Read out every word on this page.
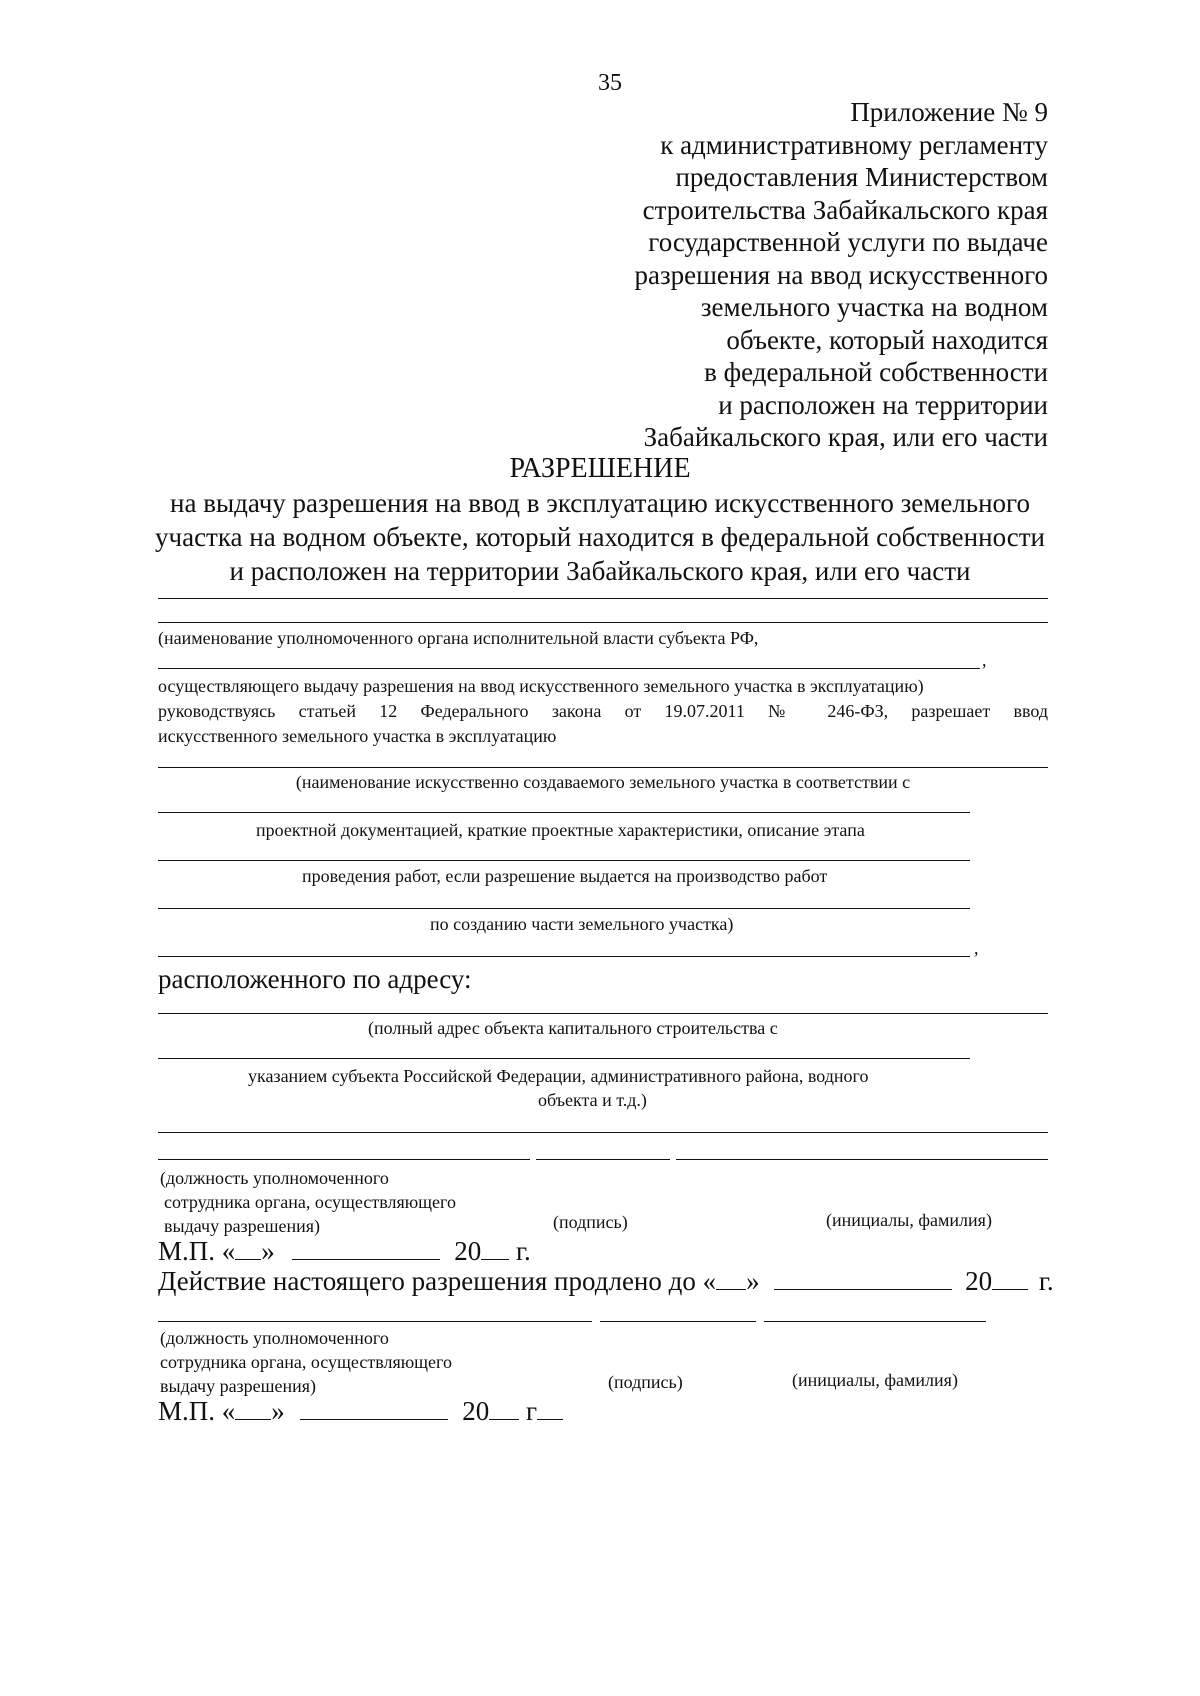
35
Приложение № 9
к административному регламенту
предоставления Министерством
строительства Забайкальского края
государственной услуги по выдаче
разрешения на ввод искусственного
земельного участка на водном
объекте, который находится
в федеральной собственности
и расположен на территории
Забайкальского края, или его части
РАЗРЕШЕНИЕ
на выдачу разрешения на ввод в эксплуатацию искусственного земельного
участка на водном объекте, который находится в федеральной собственности
и расположен на территории Забайкальского края, или его части
(наименование уполномоченного органа исполнительной власти субъекта РФ,
,
осуществляющего выдачу разрешения на ввод искусственного земельного участка в эксплуатацию)
руководствуясь статьей 12 Федерального закона от 19.07.2011 № 246-ФЗ, разрешает ввод
искусственного земельного участка в эксплуатацию
(наименование искусственно создаваемого земельного участка в соответствии с
проектной документацией, краткие проектные характеристики, описание этапа
проведения работ, если разрешение выдается на производство работ
по созданию части земельного участка)
,
расположенного по адресу:
(полный адрес объекта капитального строительства с
указанием субъекта Российской Федерации, административного района, водного
объекта и т.д.)
(должность уполномоченного
сотрудника органа, осуществляющего
выдачу разрешения)	(подпись)	(инициалы, фамилия)
М.П. « »	20 г.
Действие настоящего разрешения продлено до « »	20 г.
(должность уполномоченного
сотрудника органа, осуществляющего
выдачу разрешения)	(подпись)	(инициалы, фамилия)
М.П. « »	20 г
